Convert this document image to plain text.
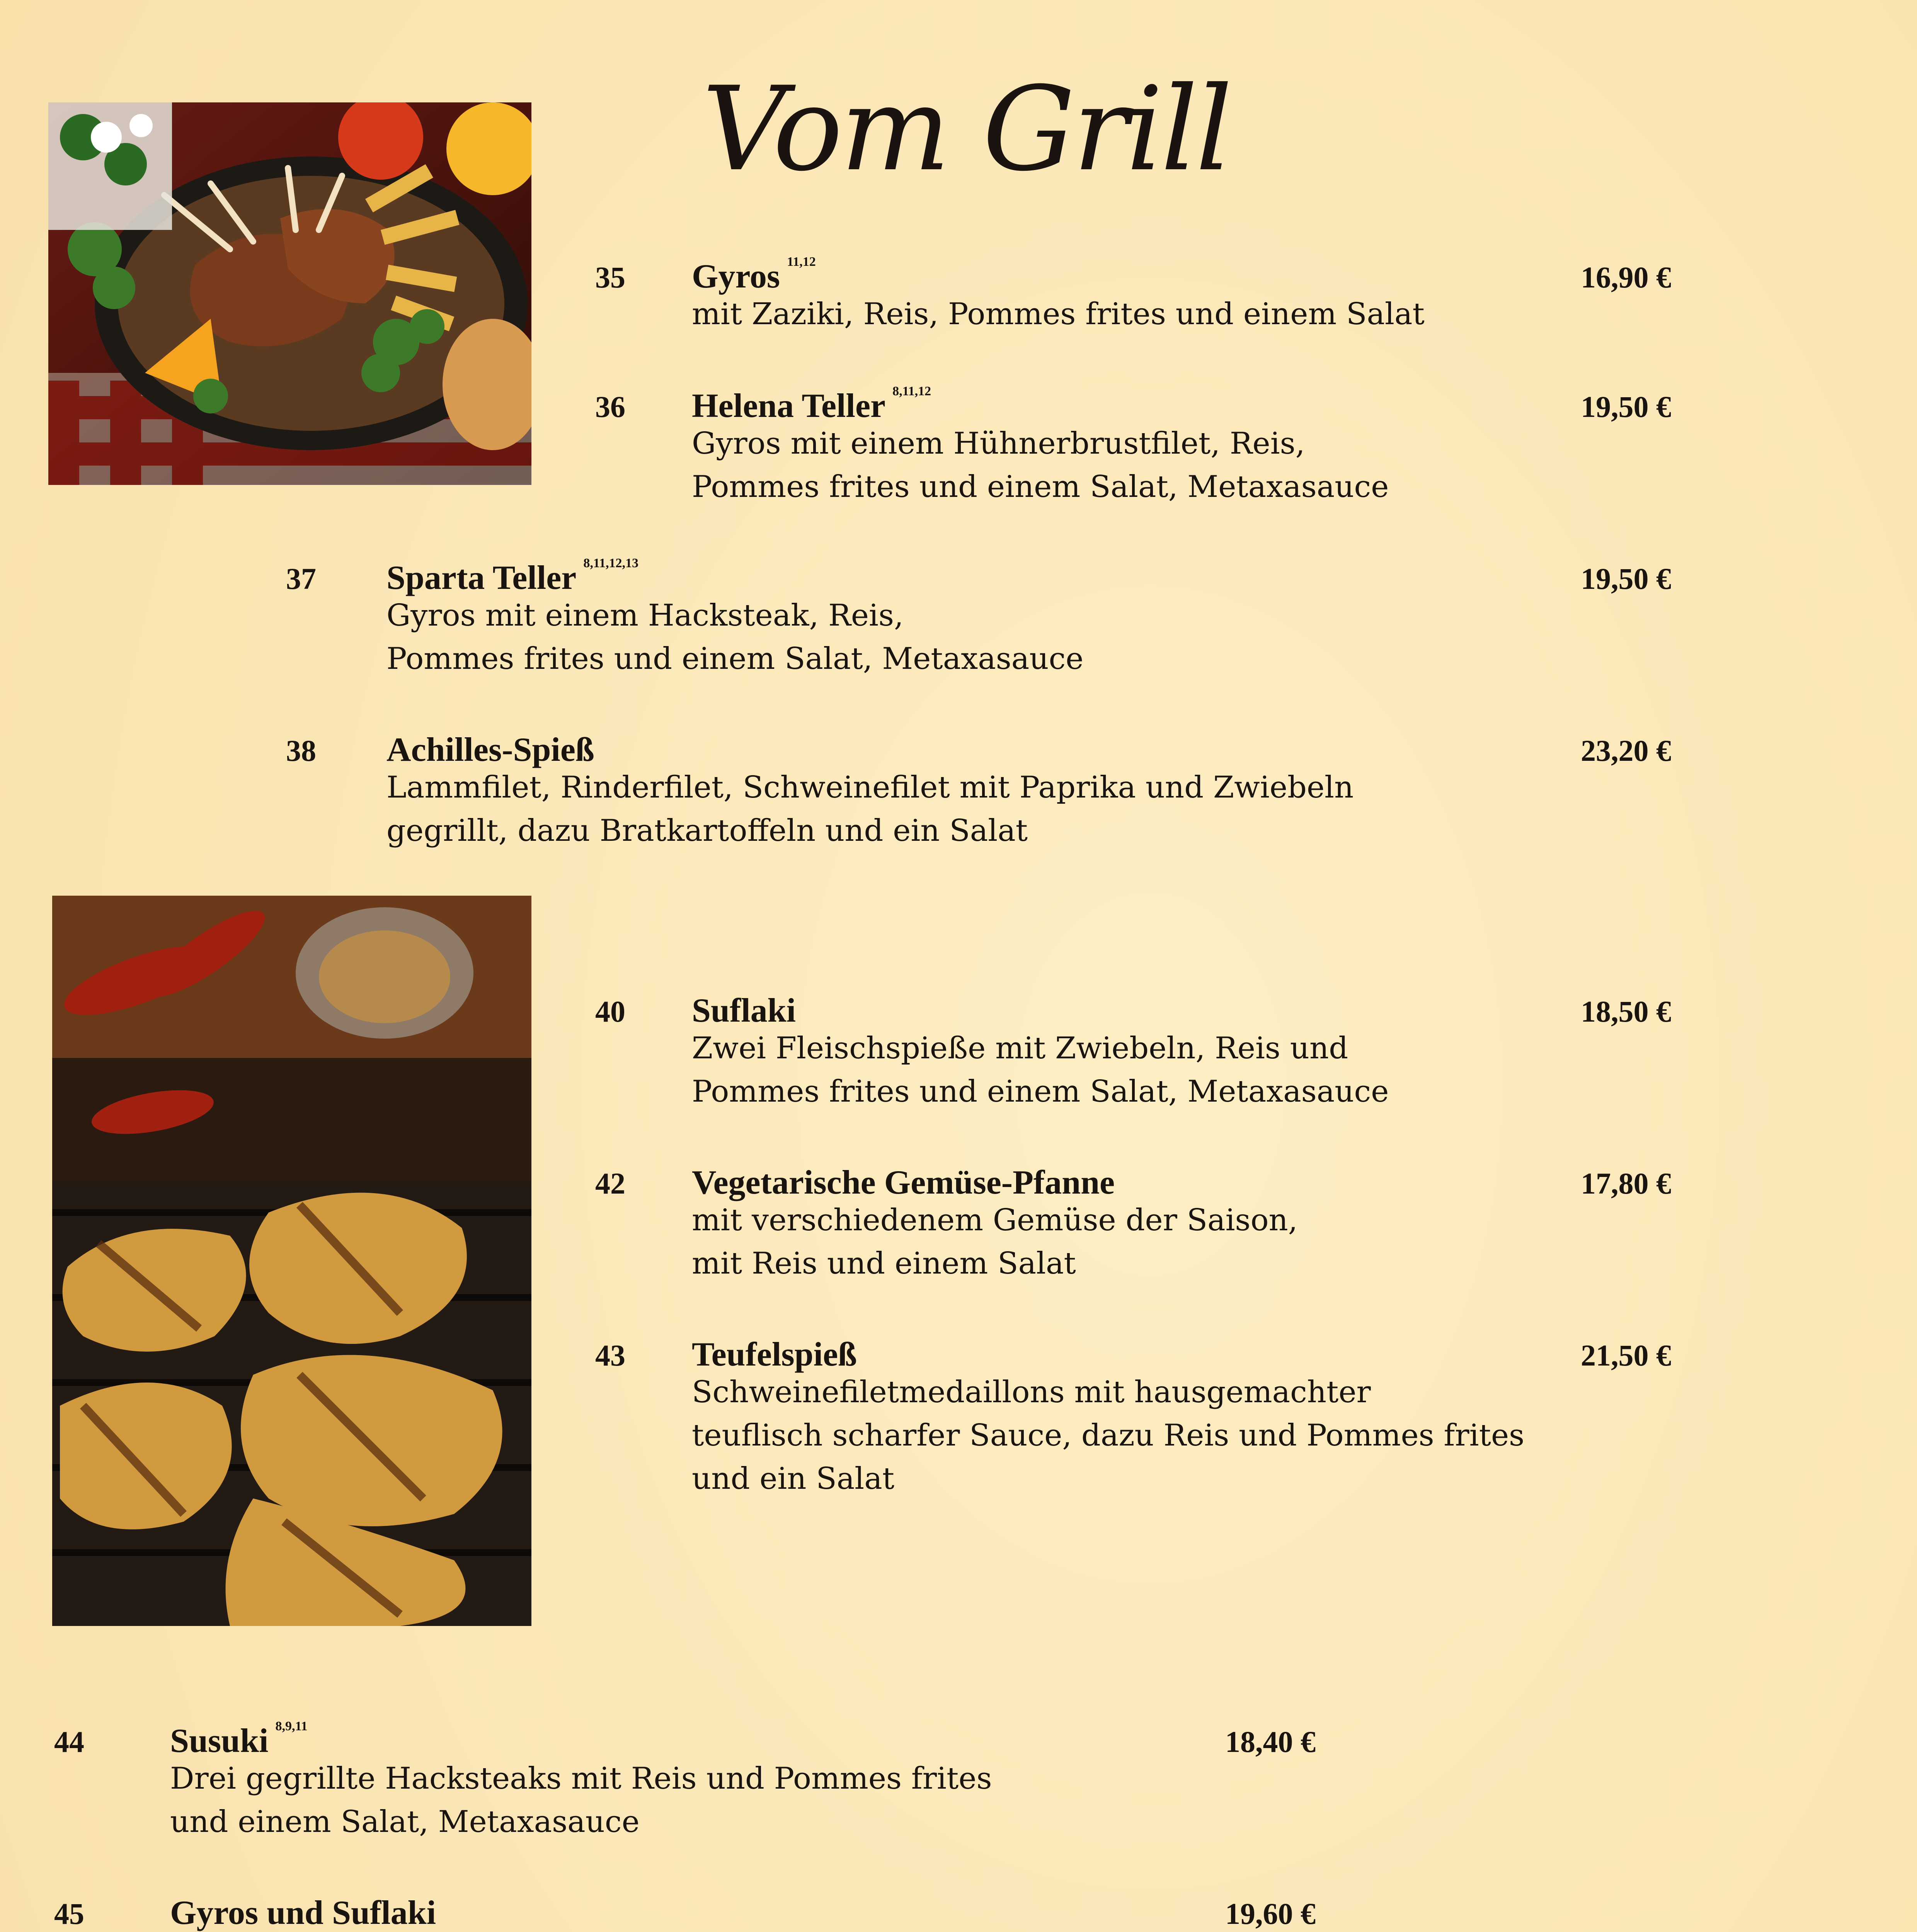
Vom Grill
35 Gyros $^{11,12}$
mit Zaziki, Reis, Pommes frites und einem Salat
16,90 €
36 Helena Teller $^{8,11,12}$
Gyros mit einem Hühnerbrustfilet, Reis,
Pommes frites und einem Salat, Metaxasauce
19,50 €
37 Sparta Teller $^{8,11,12,13}$
Gyros mit einem Hacksteak, Reis,
Pommes frites und einem Salat, Metaxasauce
19,50 €
38 Achilles-Spieß
Lammfilet, Rinderfilet, Schweinefilet mit Paprika und Zwiebeln
gegrillt, dazu Bratkartoffeln und ein Salat
23,20 €
40 Suflaki
Zwei Fleischspieße mit Zwiebeln, Reis und
Pommes frites und einem Salat, Metaxasauce
18,50 €
42 Vegetarische Gemüse-Pfanne
mit verschiedenem Gemüse der Saison,
mit Reis und einem Salat
17,80 €
43 Teufelspieß
Schweinefiletmedaillons mit hausgemachter
teuflisch scharfer Sauce, dazu Reis und Pommes frites
und ein Salat
21,50 €
44	Susuki $^{8,9,11}$
Drei gegrillte Hacksteaks mit Reis und Pommes frites
und einem Salat, Metaxasauce
18,40 €
45	Gyros und Suflaki	19,60 €
